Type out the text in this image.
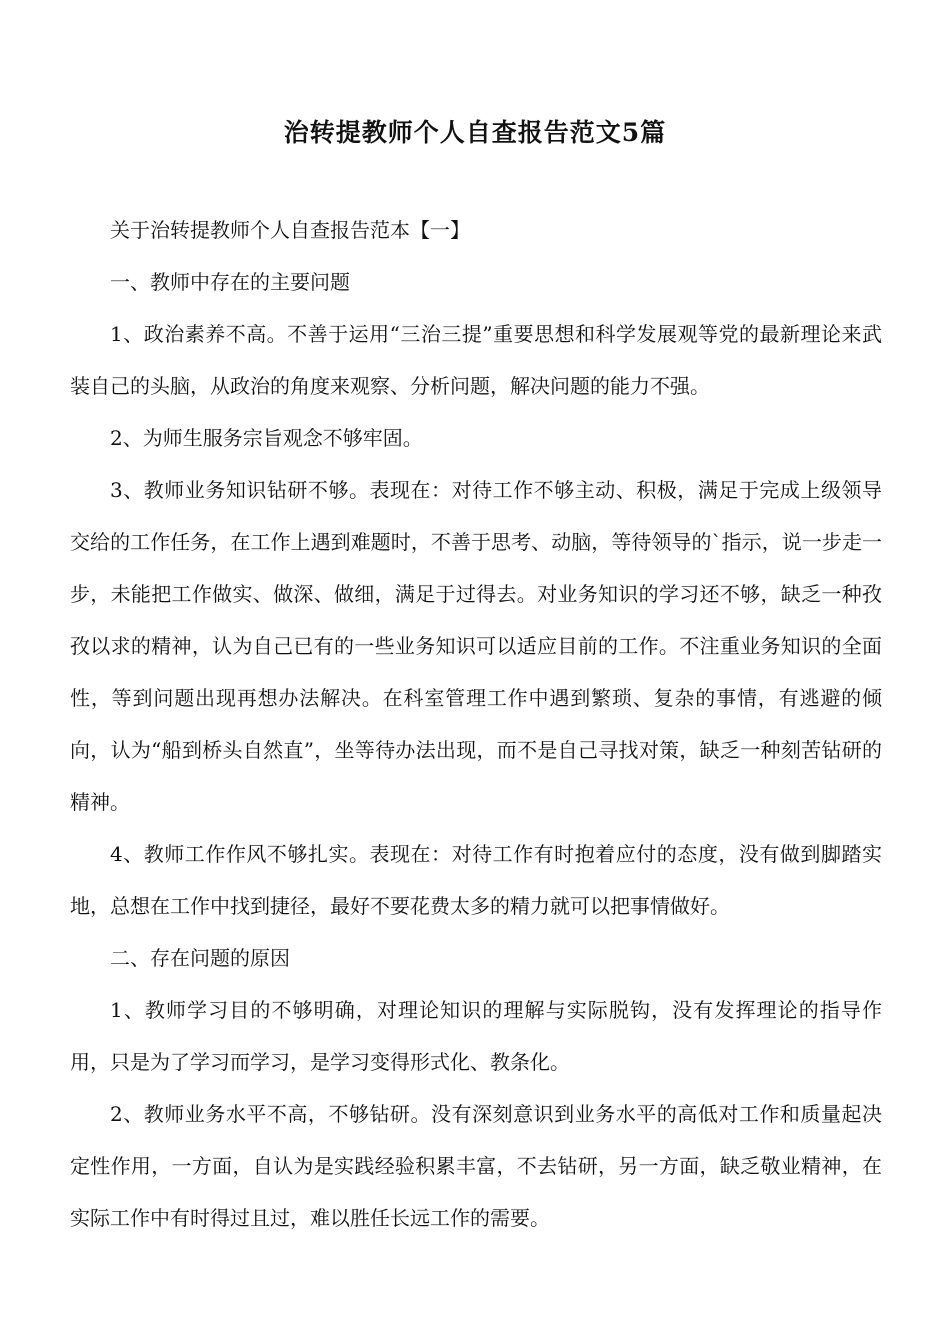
治转提教师个人自查报告范文5篇

关于治转提教师个人自查报告范本【一】

一、教师中存在的主要问题

1、政治素养不高。不善于运用“三治三提”重要思想和科学发展观等党的最新理论来武装自己的头脑，从政治的角度来观察、分析问题，解决问题的能力不强。

2、为师生服务宗旨观念不够牢固。

3、教师业务知识钻研不够。表现在：对待工作不够主动、积极，满足于完成上级领导交给的工作任务，在工作上遇到难题时，不善于思考、动脑，等待领导的`指示，说一步走一步，未能把工作做实、做深、做细，满足于过得去。对业务知识的学习还不够，缺乏一种孜孜以求的精神，认为自己已有的一些业务知识可以适应目前的工作。不注重业务知识的全面性，等到问题出现再想办法解决。在科室管理工作中遇到繁琐、复杂的事情，有逃避的倾向，认为“船到桥头自然直”，坐等待办法出现，而不是自己寻找对策，缺乏一种刻苦钻研的精神。

4、教师工作作风不够扎实。表现在：对待工作有时抱着应付的态度，没有做到脚踏实地，总想在工作中找到捷径，最好不要花费太多的精力就可以把事情做好。

二、存在问题的原因

1、教师学习目的不够明确，对理论知识的理解与实际脱钩，没有发挥理论的指导作用，只是为了学习而学习，是学习变得形式化、教条化。

2、教师业务水平不高，不够钻研。没有深刻意识到业务水平的高低对工作和质量起决定性作用，一方面，自认为是实践经验积累丰富，不去钻研，另一方面，缺乏敬业精神，在实际工作中有时得过且过，难以胜任长远工作的需要。
